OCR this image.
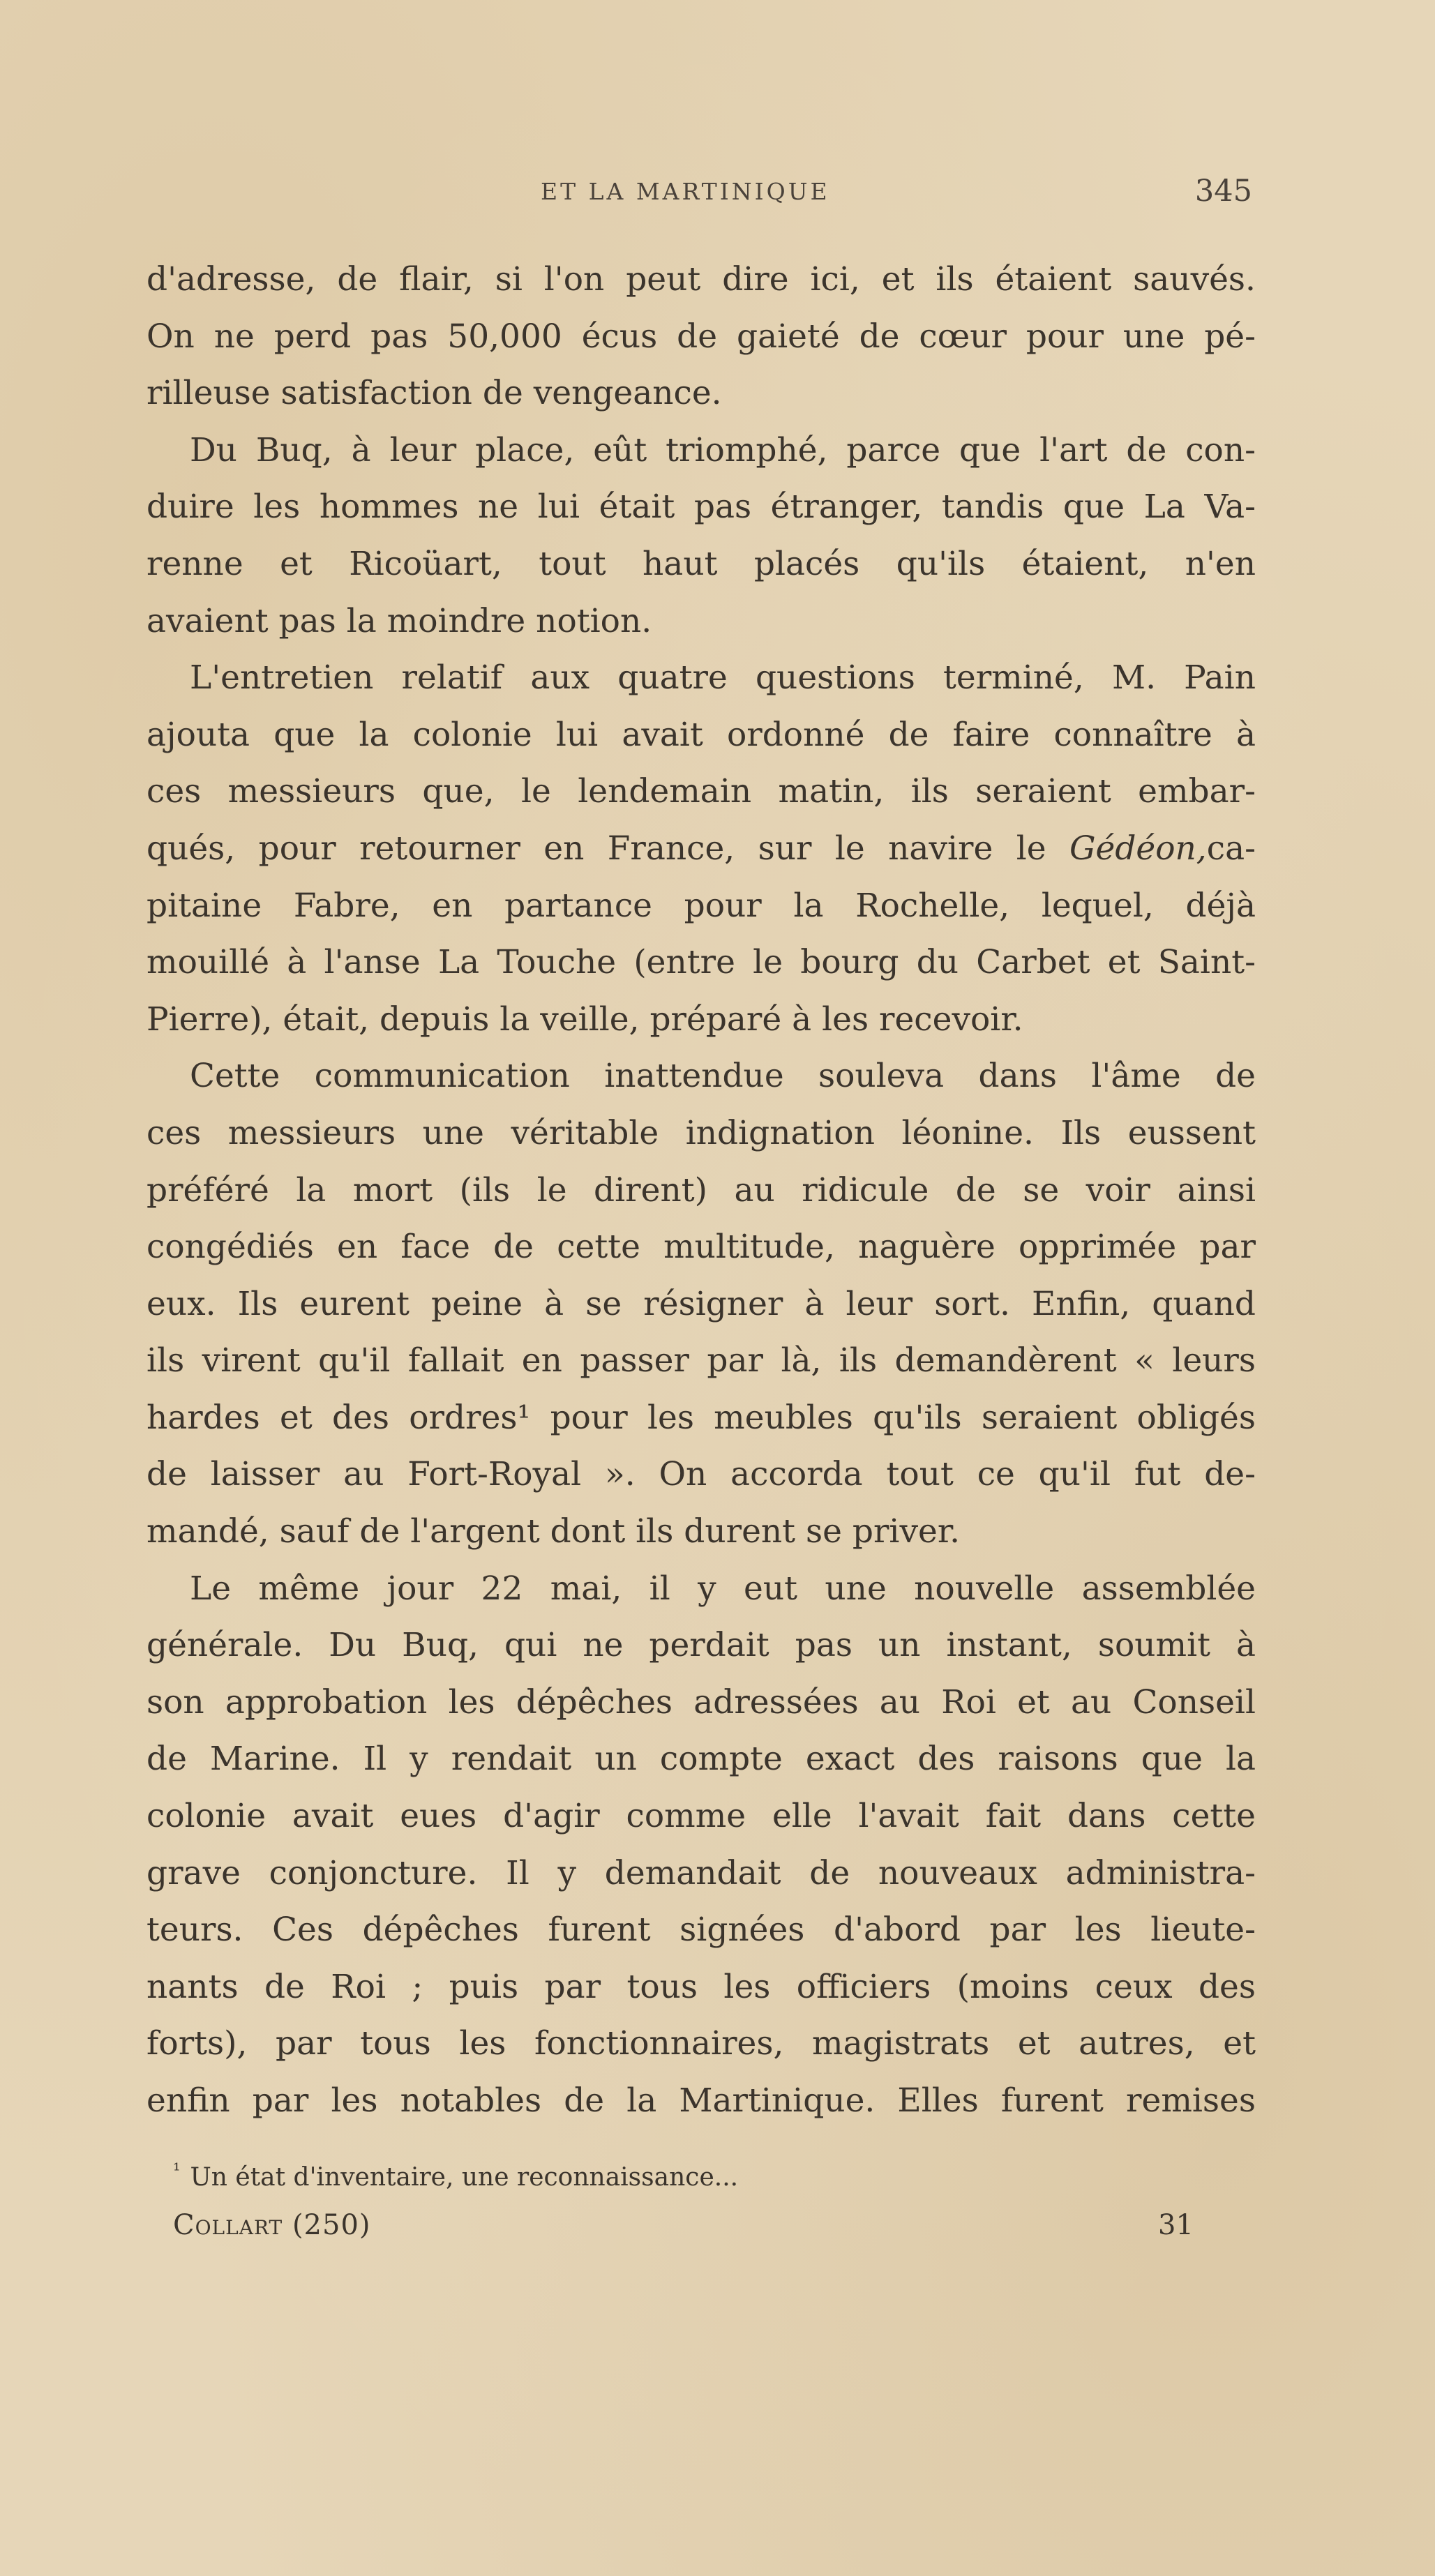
ET LA MARTINIQUE	345
d'adresse, de flair, si l'on peut dire ici, et ils étaient sauvés.
On ne perd pas 50,000 écus de gaieté de cœur pour une pé-
rilleuse satisfaction de vengeance.
Du Buq, à leur place, eût triomphé, parce que l'art de con-
duire les hommes ne lui était pas étranger, tandis que La Va-
renne et Ricoüart, tout haut placés qu'ils étaient, n'en
avaient pas la moindre notion.
L'entretien relatif aux quatre questions terminé, M. Pain
ajouta que la colonie lui avait ordonné de faire connaître à
ces messieurs que, le lendemain matin, ils seraient embar-
qués, pour retourner en France, sur le navire le Gédéon,ca-
pitaine Fabre, en partance pour la Rochelle, lequel, déjà
mouillé à l'anse La Touche (entre le bourg du Carbet et Saint-
Pierre), était, depuis la veille, préparé à les recevoir.
Cette communication inattendue souleva dans l'âme de
ces messieurs une véritable indignation léonine. Ils eussent
préféré la mort (ils le dirent) au ridicule de se voir ainsi
congédiés en face de cette multitude, naguère opprimée par
eux. Ils eurent peine à se résigner à leur sort. Enfin, quand
ils virent qu'il fallait en passer par là, ils demandèrent « leurs
hardes et des ordres¹ pour les meubles qu'ils seraient obligés
de laisser au Fort-Royal ». On accorda tout ce qu'il fut de-
mandé, sauf de l'argent dont ils durent se priver.
Le même jour 22 mai, il y eut une nouvelle assemblée
générale. Du Buq, qui ne perdait pas un instant, soumit à
son approbation les dépêches adressées au Roi et au Conseil
de Marine. Il y rendait un compte exact des raisons que la
colonie avait eues d'agir comme elle l'avait fait dans cette
grave conjoncture. Il y demandait de nouveaux administra-
teurs. Ces dépêches furent signées d'abord par les lieute-
nants de Roi ; puis par tous les officiers (moins ceux des
forts), par tous les fonctionnaires, magistrats et autres, et
enfin par les notables de la Martinique. Elles furent remises
$^{^1}$ Un état d'inventaire, une reconnaissance...
Collart (250)	31
